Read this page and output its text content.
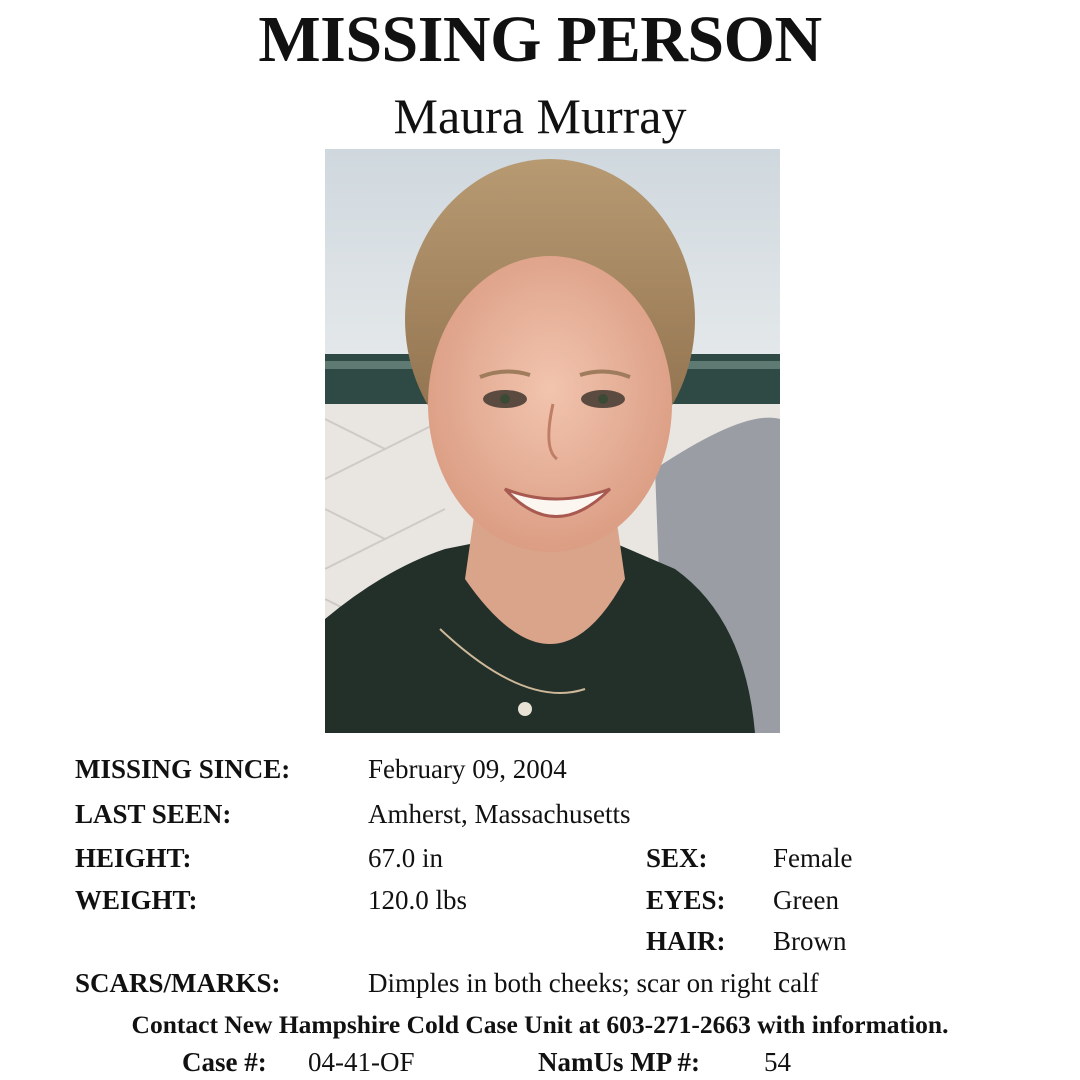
MISSING PERSON
Maura Murray
MISSING SINCE:	February 09, 2004
LAST SEEN:	Amherst, Massachusetts
HEIGHT:	67.0 in	SEX: Female
WEIGHT:	120.0 lbs	EYES: Green
HAIR: Brown
SCARS/MARKS:	Dimples in both cheeks; scar on right calf
Contact New Hampshire Cold Case Unit at 603-271-2663 with information.
Case #: 04-41-OF	NamUs MP #: 54
